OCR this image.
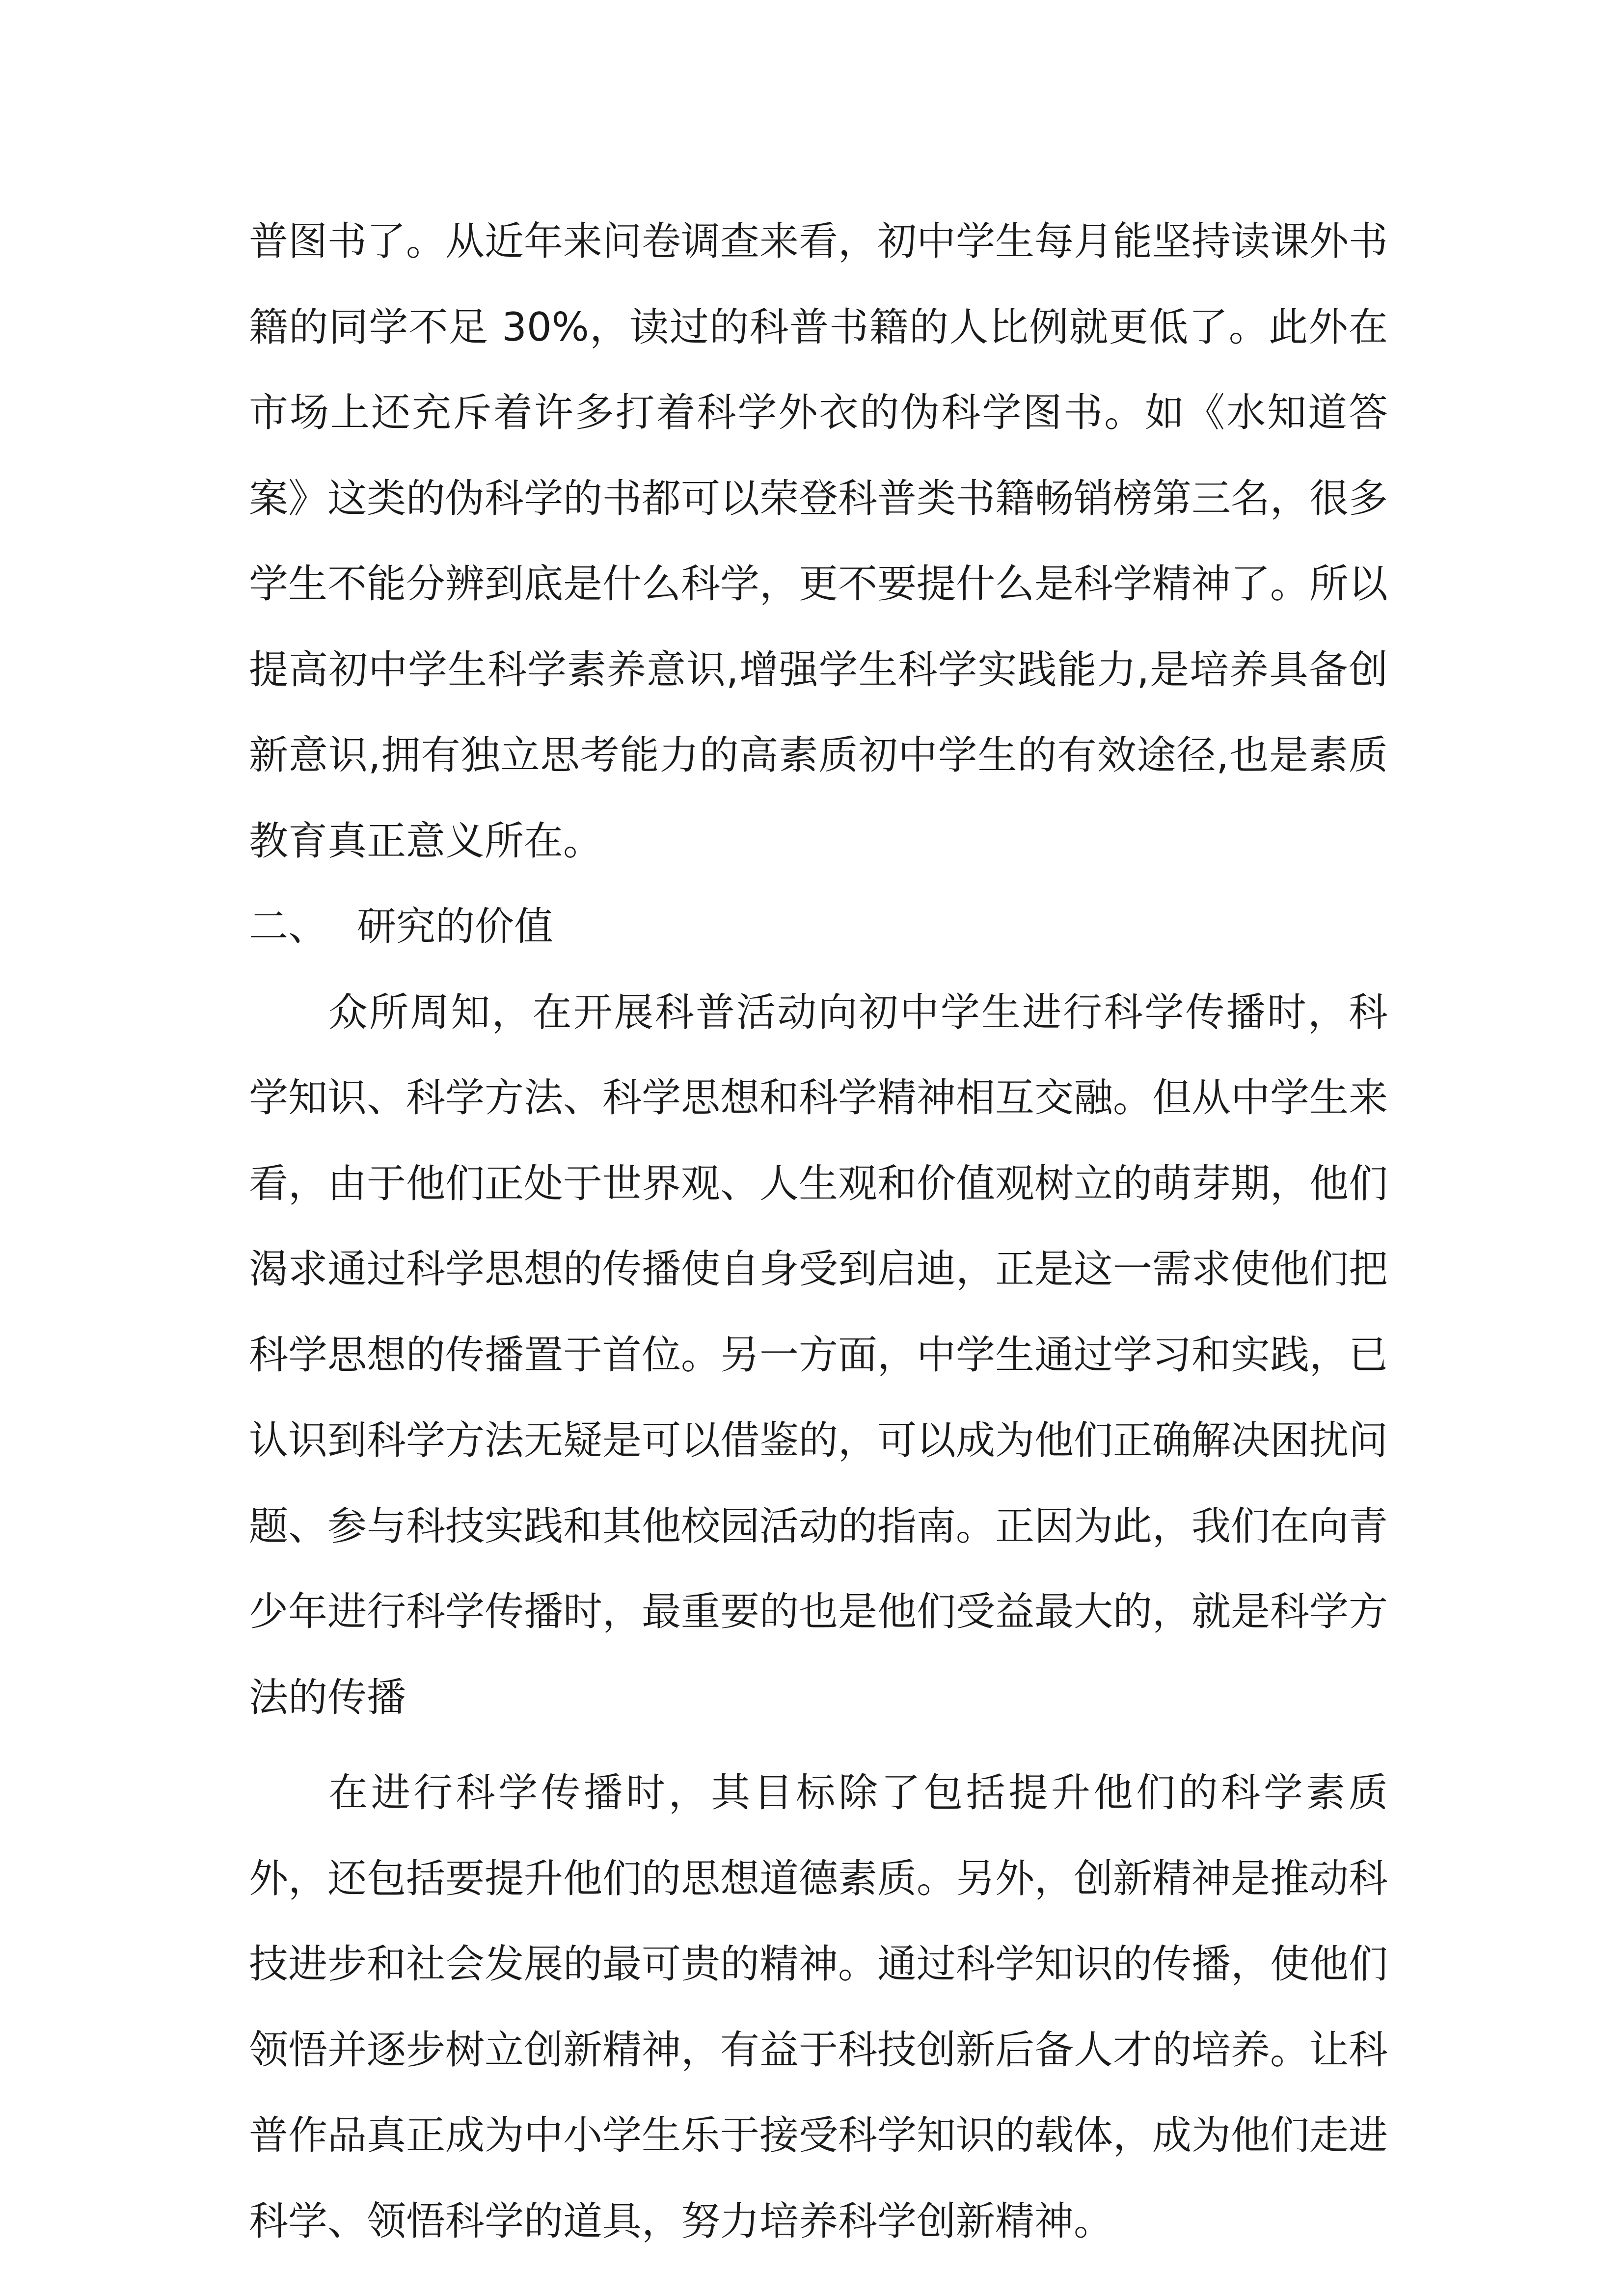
普图书了。从近年来问卷调查来看，初中学生每月能坚持读课外书籍的同学不足 30%，读过的科普书籍的人比例就更低了。此外在市场上还充斥着许多打着科学外衣的伪科学图书。如《水知道答案》这类的伪科学的书都可以荣登科普类书籍畅销榜第三名，很多学生不能分辨到底是什么科学，更不要提什么是科学精神了。所以提高初中学生科学素养意识,增强学生科学实践能力,是培养具备创新意识,拥有独立思考能力的高素质初中学生的有效途径,也是素质教育真正意义所在。

二、 研究的价值

众所周知，在开展科普活动向初中学生进行科学传播时，科学知识、科学方法、科学思想和科学精神相互交融。但从中学生来看，由于他们正处于世界观、人生观和价值观树立的萌芽期，他们渴求通过科学思想的传播使自身受到启迪，正是这一需求使他们把科学思想的传播置于首位。另一方面，中学生通过学习和实践，已认识到科学方法无疑是可以借鉴的，可以成为他们正确解决困扰问题、参与科技实践和其他校园活动的指南。正因为此，我们在向青少年进行科学传播时，最重要的也是他们受益最大的，就是科学方法的传播

在进行科学传播时，其目标除了包括提升他们的科学素质外，还包括要提升他们的思想道德素质。另外，创新精神是推动科技进步和社会发展的最可贵的精神。通过科学知识的传播，使他们领悟并逐步树立创新精神，有益于科技创新后备人才的培养。让科普作品真正成为中小学生乐于接受科学知识的载体，成为他们走进科学、领悟科学的道具，努力培养科学创新精神。
